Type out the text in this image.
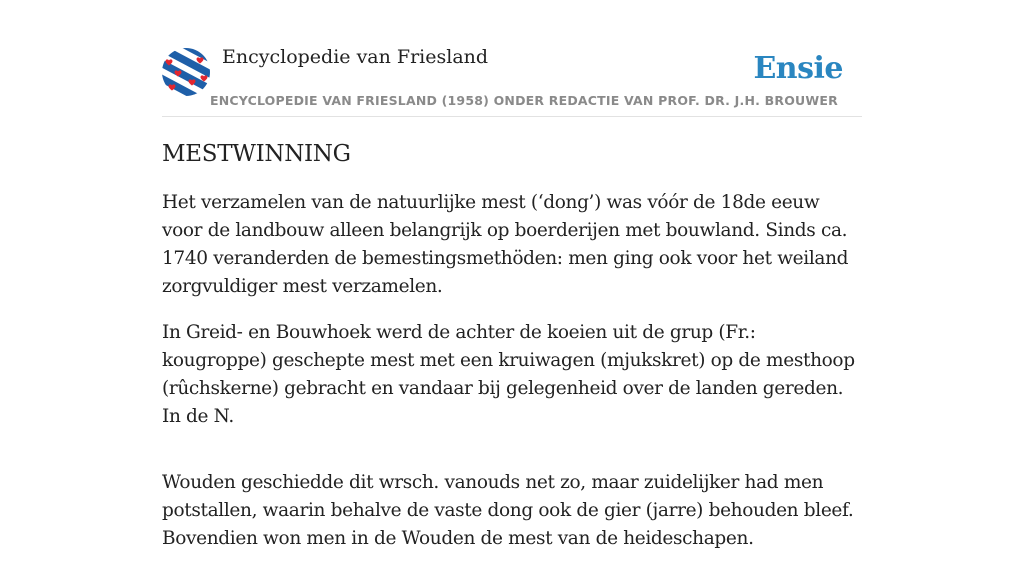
Encyclopedie van Friesland
ENCYCLOPEDIE VAN FRIESLAND (1958) ONDER REDACTIE VAN PROF. DR. J.H. BROUWER
Ensie
MESTWINNING

Het verzamelen van de natuurlijke mest (‘dong’) was vóór de 18de eeuw voor de landbouw alleen belangrijk op boerderijen met bouwland. Sinds ca. 1740 veranderden de bemestingsmethöden: men ging ook voor het weiland zorgvuldiger mest verzamelen.

In Greid- en Bouwhoek werd de achter de koeien uit de grup (Fr.: kougroppe) geschepte mest met een kruiwagen (mjukskret) op de mesthoop (rûchskerne) gebracht en vandaar bij gelegenheid over de landen gereden. In de N.

Wouden geschiedde dit wrsch. vanouds net zo, maar zuidelijker had men potstallen, waarin behalve de vaste dong ook de gier (jarre) behouden bleef. Bovendien won men in de Wouden de mest van de heideschapen.
